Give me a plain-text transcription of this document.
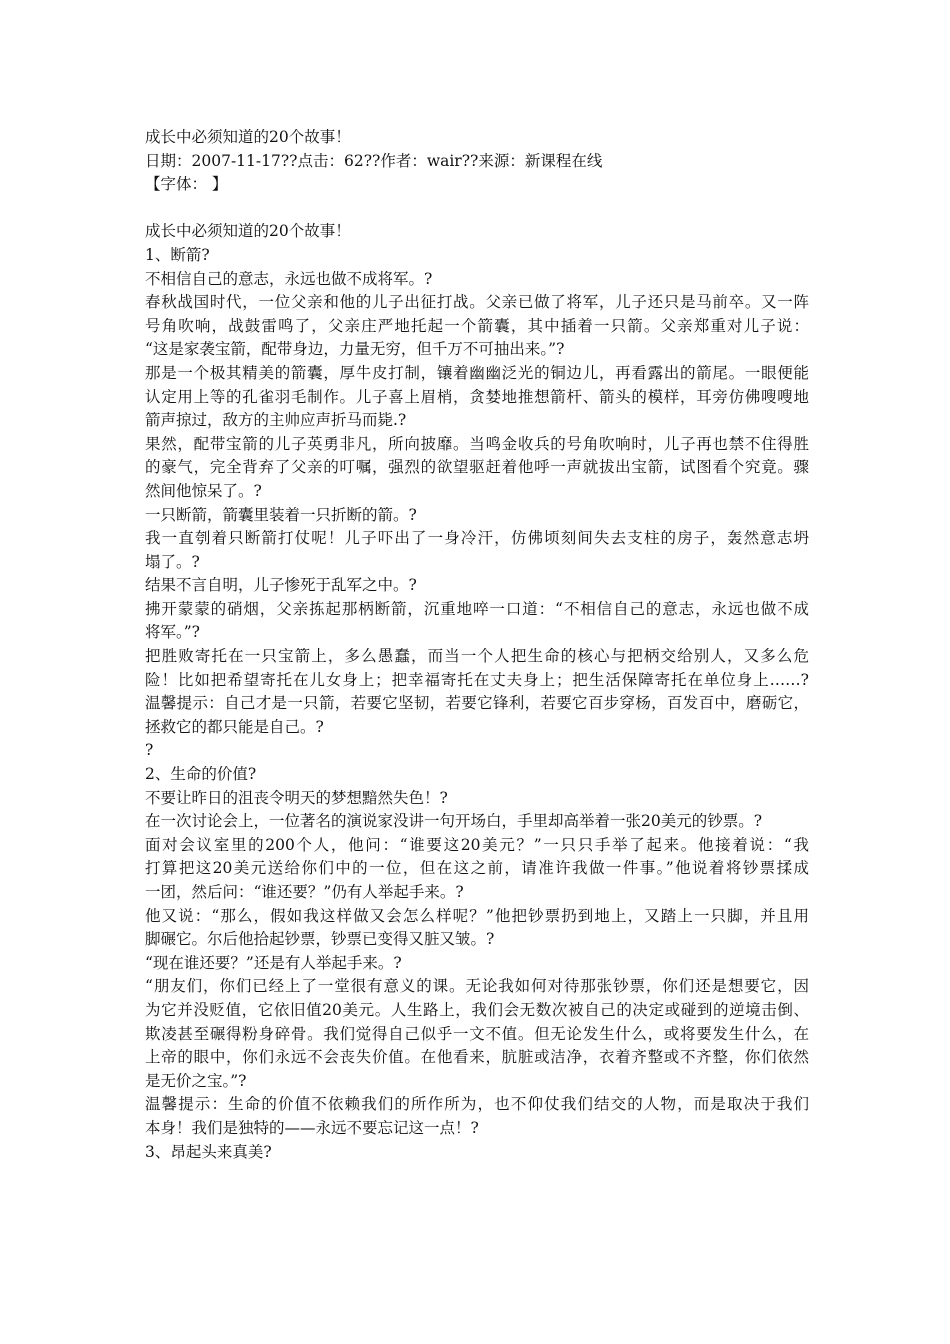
成长中必须知道的20个故事！
日期：2007-11-17??点击：62??作者：wair??来源：新课程在线
【字体： 】
成长中必须知道的20个故事！
1、断箭?
不相信自己的意志，永远也做不成将军。?
春秋战国时代，一位父亲和他的儿子出征打战。父亲已做了将军，儿子还只是马前卒。又一阵
号角吹响，战鼓雷鸣了，父亲庄严地托起一个箭囊，其中插着一只箭。父亲郑重对儿子说：
“这是家袭宝箭，配带身边，力量无穷，但千万不可抽出来。”?
那是一个极其精美的箭囊，厚牛皮打制，镶着幽幽泛光的铜边儿，再看露出的箭尾。一眼便能
认定用上等的孔雀羽毛制作。儿子喜上眉梢，贪婪地推想箭杆、箭头的模样，耳旁仿佛嗖嗖地
箭声掠过，敌方的主帅应声折马而毙.?
果然，配带宝箭的儿子英勇非凡，所向披靡。当鸣金收兵的号角吹响时，儿子再也禁不住得胜
的豪气，完全背弃了父亲的叮嘱，强烈的欲望驱赶着他呼一声就拔出宝箭，试图看个究竟。骤
然间他惊呆了。?
一只断箭，箭囊里装着一只折断的箭。?
我一直刳着只断箭打仗呢！儿子吓出了一身冷汗，仿佛顷刻间失去支柱的房子，轰然意志坍
塌了。?
结果不言自明，儿子惨死于乱军之中。?
拂开蒙蒙的硝烟，父亲拣起那柄断箭，沉重地啐一口道：“不相信自己的意志，永远也做不成
将军。”?
把胜败寄托在一只宝箭上，多么愚蠢，而当一个人把生命的核心与把柄交给别人，又多么危
险！比如把希望寄托在儿女身上；把幸福寄托在丈夫身上；把生活保障寄托在单位身上……?
温馨提示：自己才是一只箭，若要它坚韧，若要它锋利，若要它百步穿杨，百发百中，磨砺它，
拯救它的都只能是自己。?
?
2、生命的价值?
不要让昨日的沮丧令明天的梦想黯然失色！?
在一次讨论会上，一位著名的演说家没讲一句开场白，手里却高举着一张20美元的钞票。?
面对会议室里的200个人，他问：“谁要这20美元？”一只只手举了起来。他接着说：“我
打算把这20美元送给你们中的一位，但在这之前，请准许我做一件事。”他说着将钞票揉成
一团，然后问：“谁还要？”仍有人举起手来。?
他又说：“那么，假如我这样做又会怎么样呢？”他把钞票扔到地上，又踏上一只脚，并且用
脚碾它。尔后他拾起钞票，钞票已变得又脏又皱。?
“现在谁还要？”还是有人举起手来。?
“朋友们，你们已经上了一堂很有意义的课。无论我如何对待那张钞票，你们还是想要它，因
为它并没贬值，它依旧值20美元。人生路上，我们会无数次被自己的决定或碰到的逆境击倒、
欺凌甚至碾得粉身碎骨。我们觉得自己似乎一文不值。但无论发生什么，或将要发生什么，在
上帝的眼中，你们永远不会丧失价值。在他看来，肮脏或洁净，衣着齐整或不齐整，你们依然
是无价之宝。”?
温馨提示：生命的价值不依赖我们的所作所为，也不仰仗我们结交的人物，而是取决于我们
本身！我们是独特的——永远不要忘记这一点！?
3、昂起头来真美?
